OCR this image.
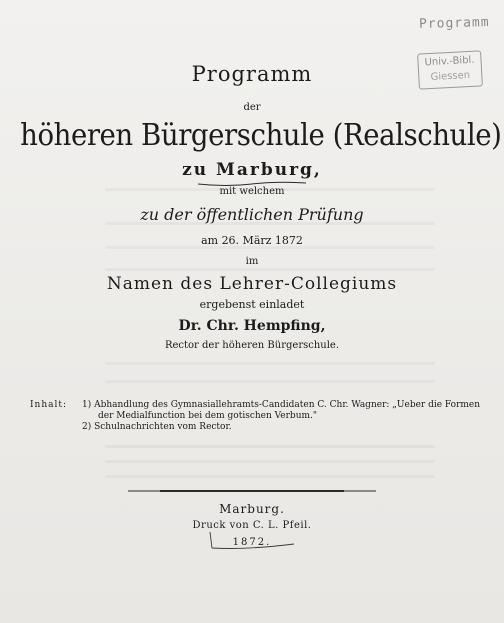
Programm
Univ.-Bibl.
Giessen
Programm
der
höheren Bürgerschule (Realschule)
zu Marburg,
mit welchem
zu der öffentlichen Prüfung
am 26. März 1872
im
Namen des Lehrer-Collegiums
ergebenst einladet
Dr. Chr. Hempfing,
Rector der höheren Bürgerschule.
Inhalt: 1) Abhandlung des Gymnasiallehramts-Candidaten C. Chr. Wagner: „Ueber die Formen
der Medialfunction bei dem gotischen Verbum."
2) Schulnachrichten vom Rector.
Marburg.
Druck von C. L. Pfeil.
1872.
